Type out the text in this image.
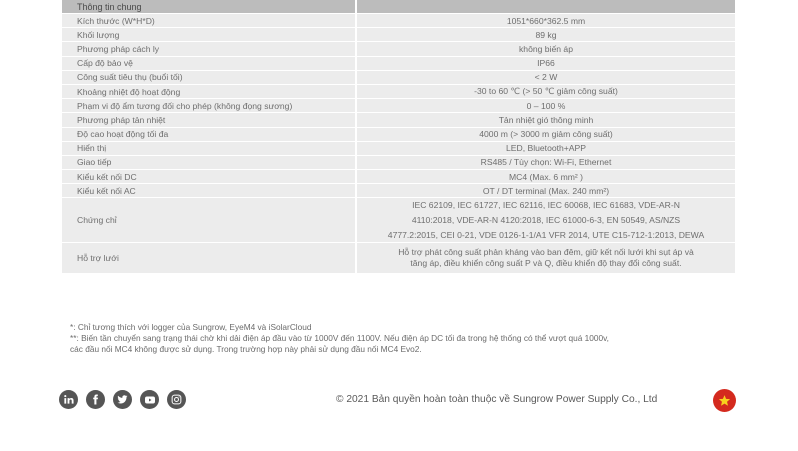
Thông tin chung	
Kích thước (W*H*D)	1051*660*362.5 mm
Khối lượng	89 kg
Phương pháp cách ly	không biến áp
Cấp độ bảo vệ	IP66
Công suất tiêu thụ (buổi tối)	< 2 W
Khoảng nhiệt độ hoạt động	-30 to 60 ℃ (> 50 ℃ giảm công suất)
Phạm vi độ ẩm tương đối cho phép (không đọng sương)	0 – 100 %
Phương pháp tản nhiệt	Tản nhiệt gió thông minh
Độ cao hoạt động tối đa	4000 m (> 3000 m giảm công suất)
Hiển thị	LED, Bluetooth+APP
Giao tiếp	RS485 / Tùy chọn: Wi-Fi, Ethernet
Kiểu kết nối DC	MC4 (Max. 6 mm² )
Kiểu kết nối AC	OT / DT terminal (Max. 240 mm²)
Chứng chỉ	IEC 62109, IEC 61727, IEC 62116, IEC 60068, IEC 61683, VDE-AR-N
4110:2018, VDE-AR-N 4120:2018, IEC 61000-6-3, EN 50549, AS/NZS
4777.2:2015, CEI 0-21, VDE 0126-1-1/A1 VFR 2014, UTE C15-712-1:2013, DEWA

Hỗ trợ lưới	Hỗ trợ phát công suất phản kháng vào ban đêm, giữ kết nối lưới khi sụt áp và
tăng áp, điều khiển công suất P và Q, điều khiển độ thay đổi công suất.
*: Chỉ tương thích với logger của Sungrow, EyeM4 và iSolarCloud
**: Biến tần chuyển sang trạng thái chờ khi dải điện áp đầu vào từ 1000V đến 1100V. Nếu điện áp DC tối đa trong hệ thống có thể vượt quá 1000v,
các đầu nối MC4 không được sử dụng. Trong trường hợp này phải sử dụng đầu nối MC4 Evo2.
© 2021 Bản quyền hoàn toàn thuộc về Sungrow Power Supply Co., Ltd
